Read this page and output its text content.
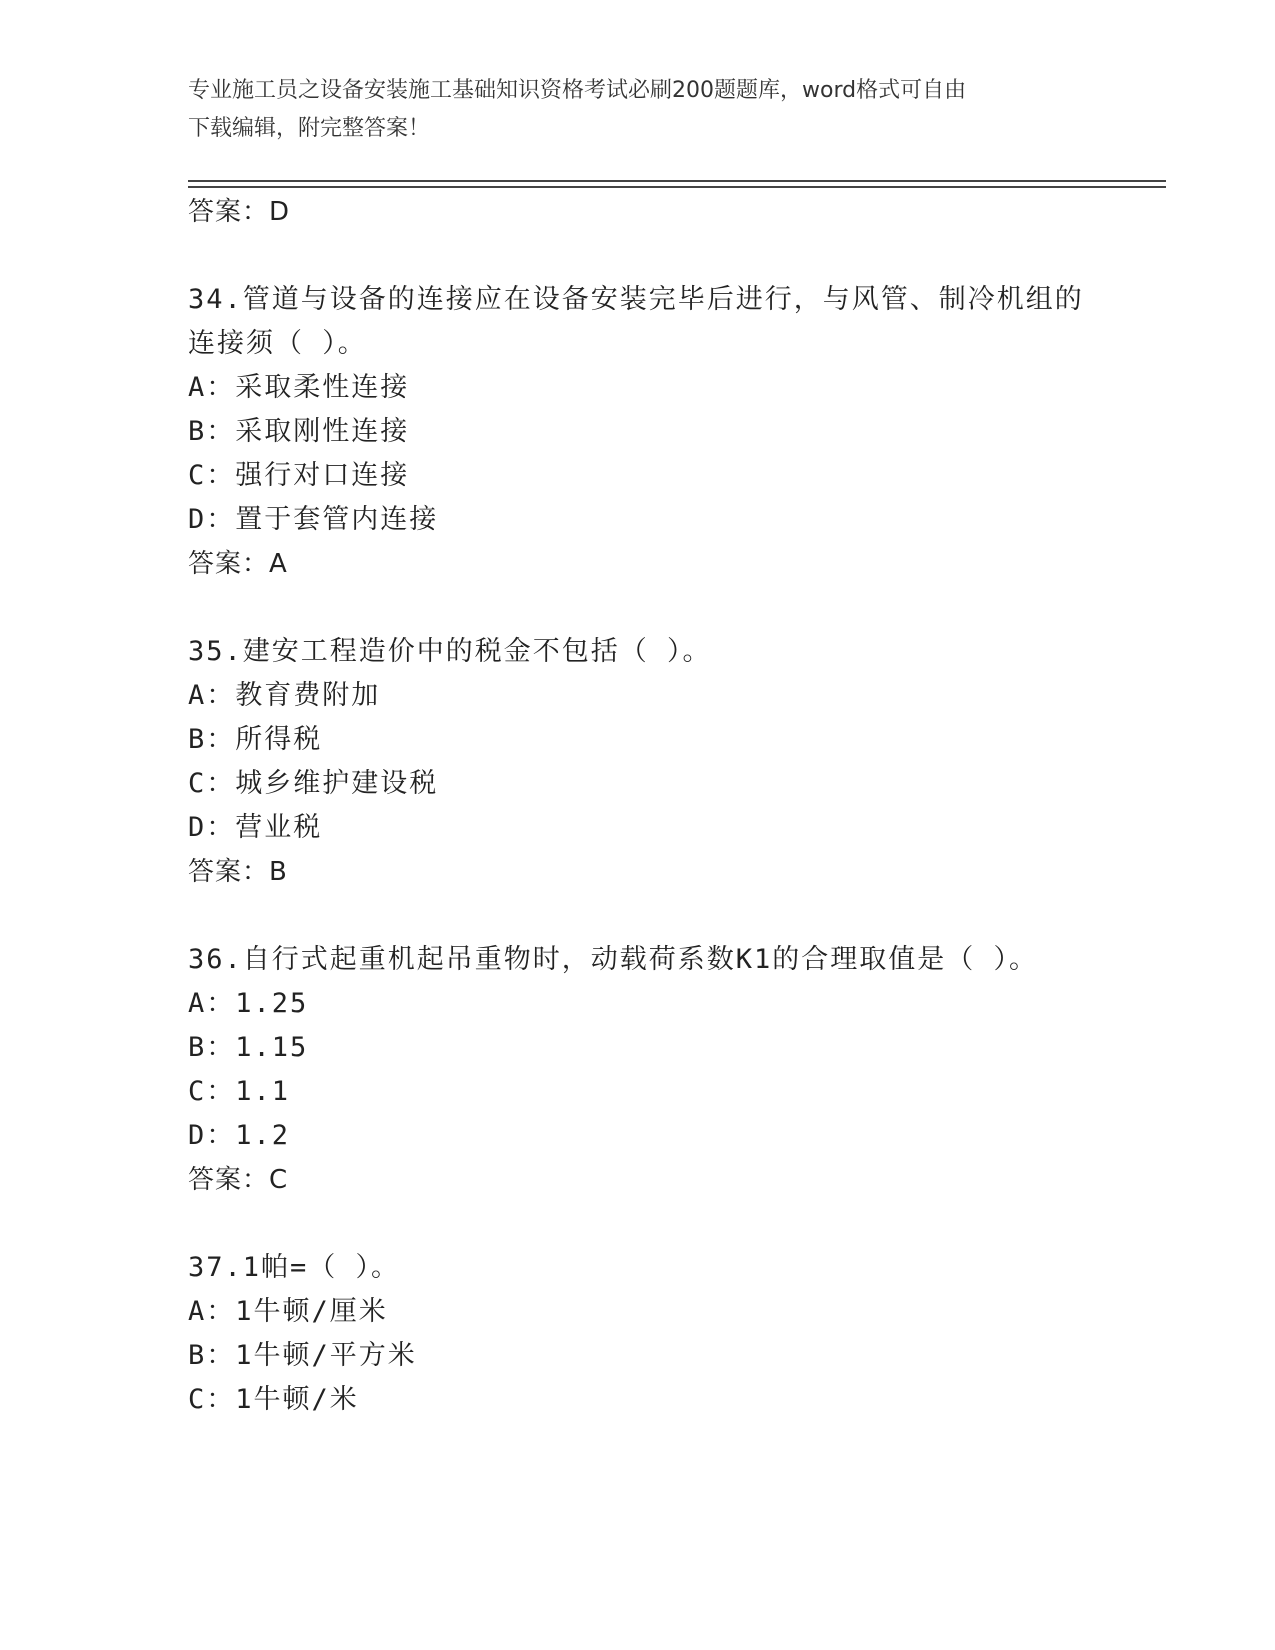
专业施工员之设备安装施工基础知识资格考试必刷200题题库，word格式可自由
下载编辑，附完整答案！
答案：D
34.管道与设备的连接应在设备安装完毕后进行，与风管、制冷机组的
连接须（ ）。
A：采取柔性连接
B：采取刚性连接
C：强行对口连接
D：置于套管内连接
答案：A
35.建安工程造价中的税金不包括（ ）。
A：教育费附加
B：所得税
C：城乡维护建设税
D：营业税
答案：B
36.自行式起重机起吊重物时，动载荷系数K1的合理取值是（ ）。
A：1.25
B：1.15
C：1.1
D：1.2
答案：C
37.1帕=（ ）。
A：1牛顿/厘米
B：1牛顿/平方米
C：1牛顿/米
